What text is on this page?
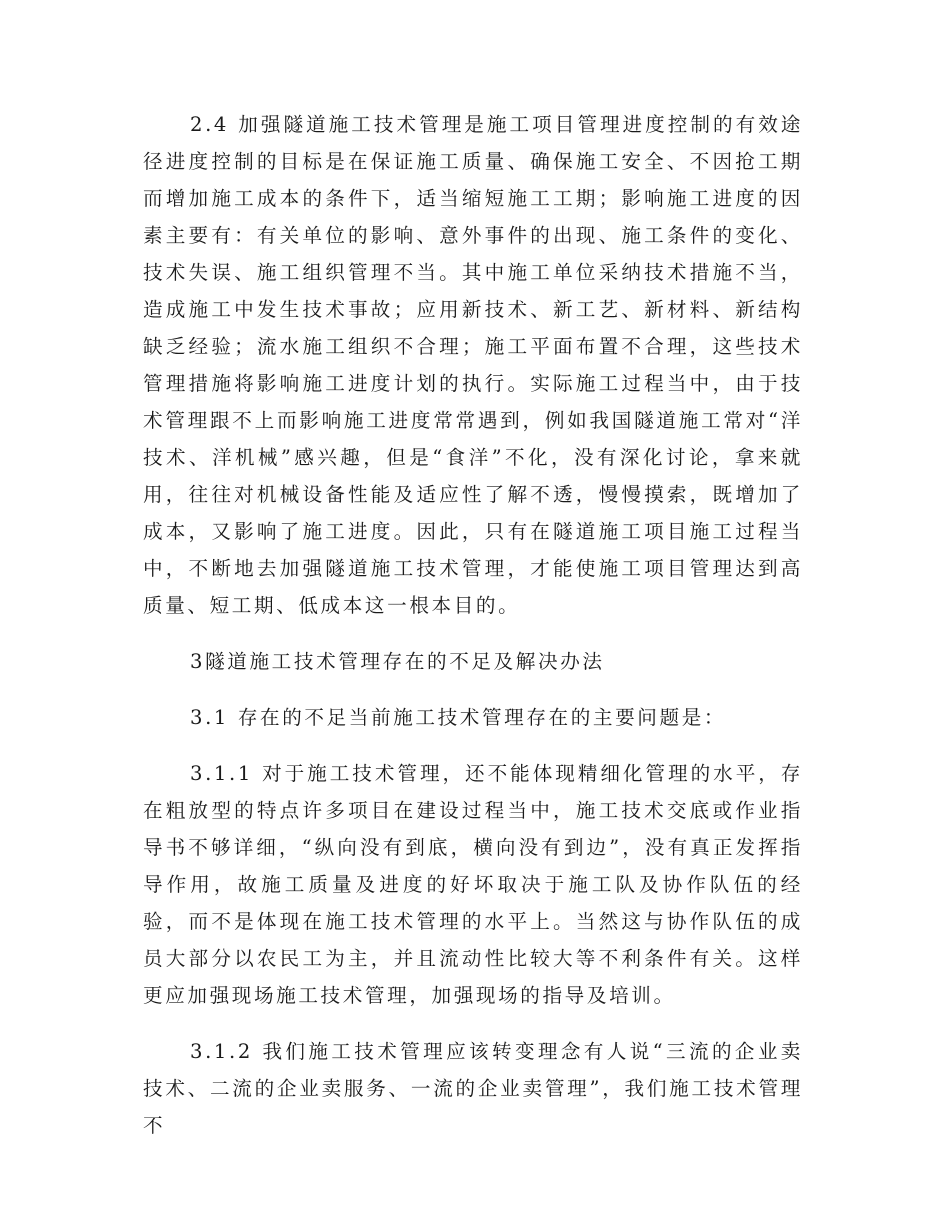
2.4 加强隧道施工技术管理是施工项目管理进度控制的有效途径进度控制的目标是在保证施工质量、确保施工安全、不因抢工期而增加施工成本的条件下，适当缩短施工工期；影响施工进度的因素主要有：有关单位的影响、意外事件的出现、施工条件的变化、技术失误、施工组织管理不当。其中施工单位采纳技术措施不当，造成施工中发生技术事故；应用新技术、新工艺、新材料、新结构缺乏经验；流水施工组织不合理；施工平面布置不合理，这些技术管理措施将影响施工进度计划的执行。实际施工过程当中，由于技术管理跟不上而影响施工进度常常遇到，例如我国隧道施工常对“洋技术、洋机械”感兴趣，但是“食洋”不化，没有深化讨论，拿来就用，往往对机械设备性能及适应性了解不透，慢慢摸索，既增加了成本，又影响了施工进度。因此，只有在隧道施工项目施工过程当中，不断地去加强隧道施工技术管理，才能使施工项目管理达到高质量、短工期、低成本这一根本目的。

3隧道施工技术管理存在的不足及解决办法

3.1 存在的不足当前施工技术管理存在的主要问题是：

3.1.1 对于施工技术管理，还不能体现精细化管理的水平，存在粗放型的特点许多项目在建设过程当中，施工技术交底或作业指导书不够详细，“纵向没有到底，横向没有到边”，没有真正发挥指导作用，故施工质量及进度的好坏取决于施工队及协作队伍的经验，而不是体现在施工技术管理的水平上。当然这与协作队伍的成员大部分以农民工为主，并且流动性比较大等不利条件有关。这样更应加强现场施工技术管理，加强现场的指导及培训。

3.1.2 我们施工技术管理应该转变理念有人说“三流的企业卖技术、二流的企业卖服务、一流的企业卖管理”，我们施工技术管理不
